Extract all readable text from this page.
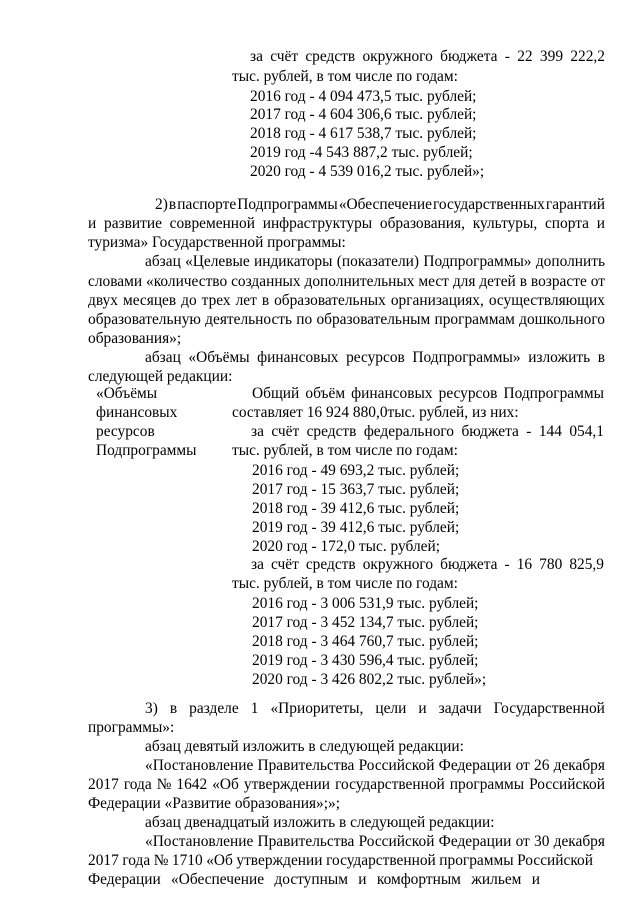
за счёт средств окружного бюджета - 22 399 222,2
тыс. рублей, в том числе по годам:
2016 год - 4 094 473,5 тыс. рублей;
2017 год - 4 604 306,6 тыс. рублей;
2018 год - 4 617 538,7 тыс. рублей;
2019 год -4 543 887,2 тыс. рублей;
2020 год - 4 539 016,2 тыс. рублей»;
2) в паспорте Подпрограммы «Обеспечение государственных гарантий
и развитие современной инфраструктуры образования, культуры, спорта и
туризма» Государственной программы:
абзац «Целевые индикаторы (показатели) Подпрограммы» дополнить
словами «количество созданных дополнительных мест для детей в возрасте от
двух месяцев до трех лет в образовательных организациях, осуществляющих
образовательную деятельность по образовательным программам дошкольного
образования»;
абзац «Объёмы финансовых ресурсов Подпрограммы» изложить в
следующей редакции:
«Объёмы
финансовых
ресурсов
Подпрограммы
Общий объём финансовых ресурсов Подпрограммы
составляет 16 924 880,0тыс. рублей, из них:
за счёт средств федерального бюджета - 144 054,1
тыс. рублей, в том числе по годам:
2016 год - 49 693,2 тыс. рублей;
2017 год - 15 363,7 тыс. рублей;
2018 год - 39 412,6 тыс. рублей;
2019 год - 39 412,6 тыс. рублей;
2020 год - 172,0 тыс. рублей;
за счёт средств окружного бюджета - 16 780 825,9
тыс. рублей, в том числе по годам:
2016 год - 3 006 531,9 тыс. рублей;
2017 год - 3 452 134,7 тыс. рублей;
2018 год - 3 464 760,7 тыс. рублей;
2019 год - 3 430 596,4 тыс. рублей;
2020 год - 3 426 802,2 тыс. рублей»;
3) в разделе 1 «Приоритеты, цели и задачи Государственной
программы»:
абзац девятый изложить в следующей редакции:
«Постановление Правительства Российской Федерации от 26 декабря
2017 года № 1642 «Об утверждении государственной программы Российской
Федерации «Развитие образования»;»;
абзац двенадцатый изложить в следующей редакции:
«Постановление Правительства Российской Федерации от 30 декабря
2017 года № 1710 «Об утверждении государственной программы Российской
Федерации «Обеспечение доступным и комфортным жильем и
